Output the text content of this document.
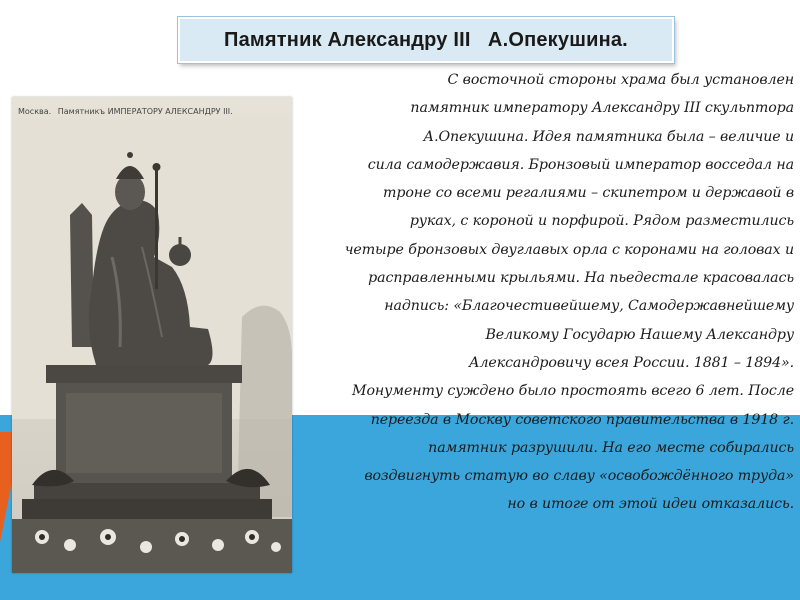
Памятник Александру III   А.Опекушина.
Москва. Памятникъ ИМПЕРАТОРУ АЛЕКСАНДРУ III.
С восточной стороны храма был установлен
памятник императору Александру III скульптора
А.Опекушина. Идея памятника была – величие и
сила самодержавия. Бронзовый император восседал на
троне со всеми регалиями – скипетром и державой в
руках, с короной и порфирой. Рядом разместились
четыре бронзовых двуглавых орла с коронами на головах и
расправленными крыльями. На пьедестале красовалась
надпись: «Благочестивейшему, Самодержавнейшему
Великому Государю Нашему Александру
Александровичу всея России. 1881 – 1894».
Монументу суждено было простоять всего 6 лет. После
переезда в Москву советского правительства в 1918 г.
памятник разрушили. На его месте собирались
воздвигнуть статую во славу «освобождённого труда»
но в итоге от этой идеи отказались.
